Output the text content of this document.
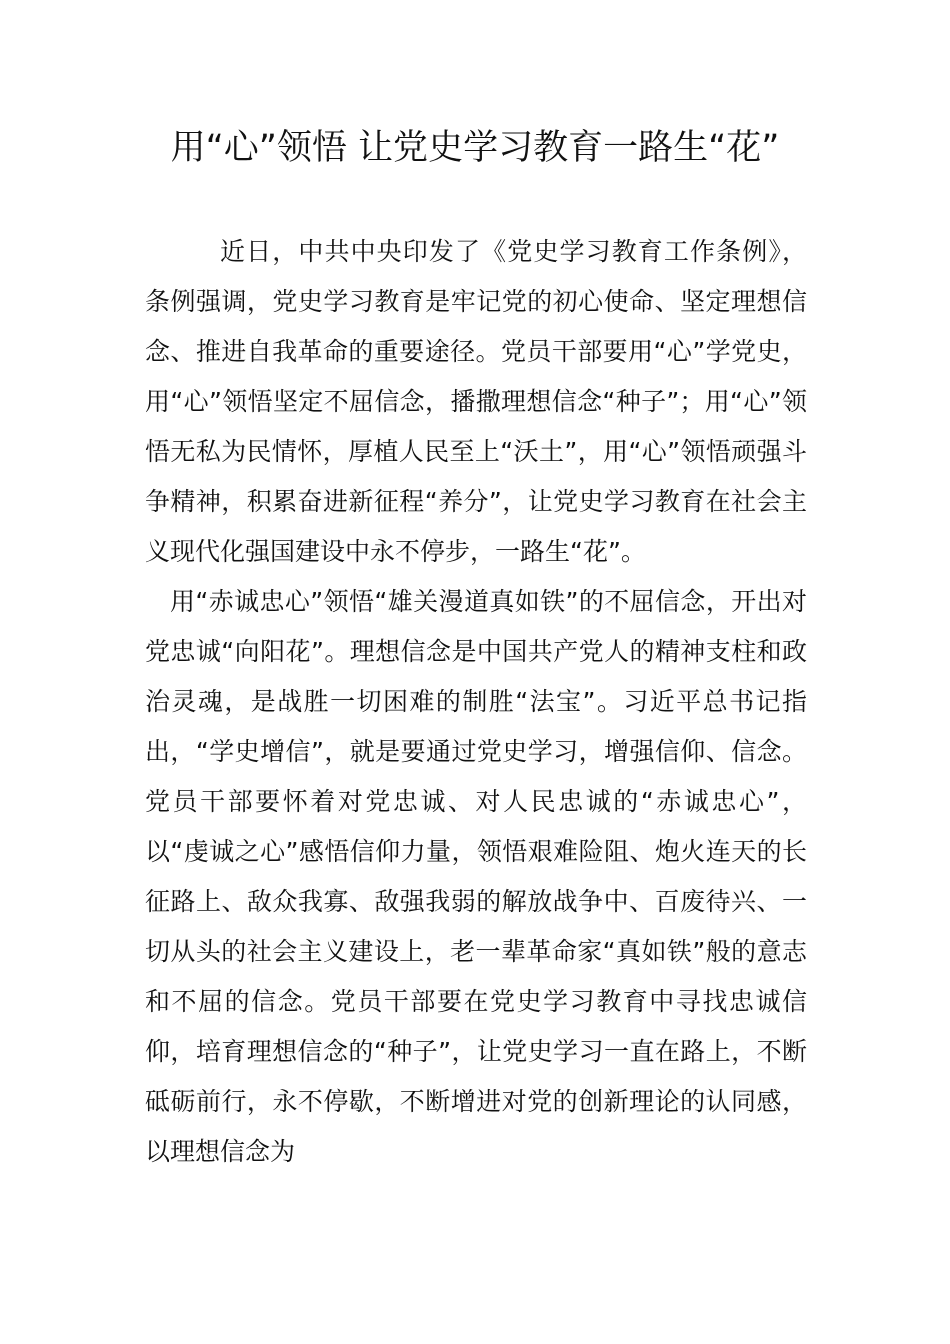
用“心”领悟 让党史学习教育一路生“花”

近日，中共中央印发了《党史学习教育工作条例》，条例强调，党史学习教育是牢记党的初心使命、坚定理想信念、推进自我革命的重要途径。党员干部要用“心”学党史，用“心”领悟坚定不屈信念，播撒理想信念“种子”；用“心”领悟无私为民情怀，厚植人民至上“沃土”，用“心”领悟顽强斗争精神，积累奋进新征程“养分”，让党史学习教育在社会主义现代化强国建设中永不停步，一路生“花”。

用“赤诚忠心”领悟“雄关漫道真如铁”的不屈信念，开出对党忠诚“向阳花”。理想信念是中国共产党人的精神支柱和政治灵魂，是战胜一切困难的制胜“法宝”。习近平总书记指出，“学史增信”，就是要通过党史学习，增强信仰、信念。党员干部要怀着对党忠诚、对人民忠诚的“赤诚忠心”，以“虔诚之心”感悟信仰力量，领悟艰难险阻、炮火连天的长征路上、敌众我寡、敌强我弱的解放战争中、百废待兴、一切从头的社会主义建设上，老一辈革命家“真如铁”般的意志和不屈的信念。党员干部要在党史学习教育中寻找忠诚信仰，培育理想信念的“种子”，让党史学习一直在路上，不断砥砺前行，永不停歇，不断增进对党的创新理论的认同感，以理想信念为
